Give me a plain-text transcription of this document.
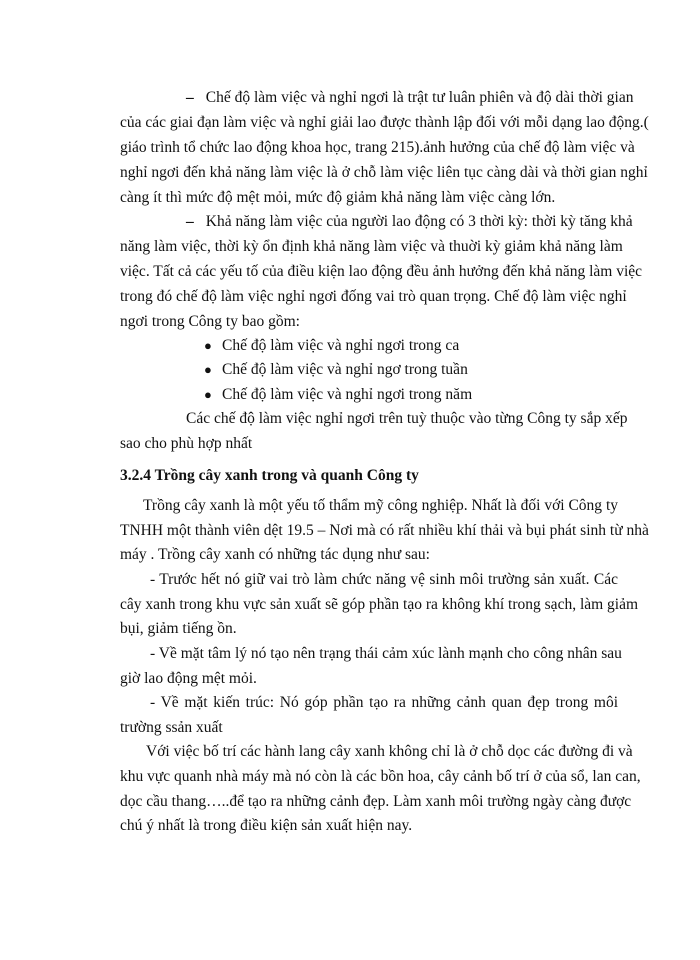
– Chế độ làm việc và nghỉ ngơi là trật tư luân phiên và độ dài thời gian
của các giai đạn làm việc và nghỉ giải lao được thành lập đối với mỗi dạng lao động.(
giáo trình tổ chức lao động khoa học, trang 215).ảnh hưởng của chế độ làm việc và
nghỉ ngơi đến khả năng làm việc là ở chỗ làm việc liên tục càng dài và thời gian nghỉ
càng ít thì mức độ mệt mỏi, mức độ giảm khả năng làm việc càng lớn.
– Khả năng làm việc của người lao động có 3 thời kỳ: thời kỳ tăng khả
năng làm việc, thời kỳ ổn định khả năng làm việc và thuời kỳ giảm khả năng làm
việc. Tất cả các yếu tố của điều kiện lao động đều ảnh hưởng đến khả năng làm việc
trong đó chế độ làm việc nghỉ ngơi đống vai trò quan trọng. Chế độ làm việc nghỉ
ngơi trong Công ty bao gồm:
● Chế độ làm việc và nghỉ ngơi trong ca
● Chế độ làm việc và nghỉ ngơ trong tuần
● Chế độ làm việc và nghỉ ngơi trong năm
Các chế độ làm việc nghỉ ngơi trên tuỳ thuộc vào từng Công ty sắp xếp
sao cho phù hợp nhất
3.2.4 Trồng cây xanh trong và quanh Công ty
Trồng cây xanh là một yếu tố thẩm mỹ công nghiệp. Nhất là đối với Công ty
TNHH một thành viên dệt 19.5 – Nơi mà có rất nhiều khí thải và bụi phát sinh từ nhà
máy . Trồng cây xanh có những tác dụng như sau:
- Trước hết nó giữ vai trò làm chức năng vệ sinh môi trường sản xuất. Các
cây xanh trong khu vực sản xuất sẽ góp phần tạo ra không khí trong sạch, làm giảm
bụi, giảm tiếng ồn.
- Về mặt tâm lý nó tạo nên trạng thái cảm xúc lành mạnh cho công nhân sau
giờ lao động mệt mỏi.
- Về mặt kiến trúc: Nó góp phần tạo ra những cảnh quan đẹp trong môi
trường ssản xuất
Với việc bố trí các hành lang cây xanh không chỉ là ở chỗ dọc các đường đi và
khu vực quanh nhà máy mà nó còn là các bồn hoa, cây cảnh bố trí ở của sổ, lan can,
dọc cầu thang…..để tạo ra những cảnh đẹp. Làm xanh môi trường ngày càng được
chú ý nhất là trong điều kiện sản xuất hiện nay.
